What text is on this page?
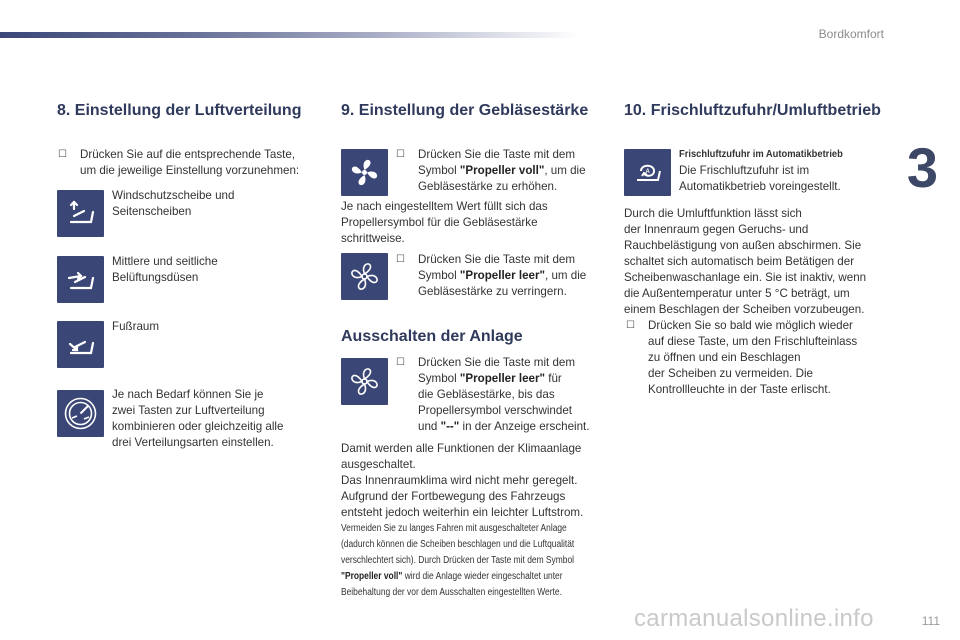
Bordkomfort
3
111
8. Einstellung der Luftverteilung
☐ Drücken Sie auf die entsprechende Taste,
um die jeweilige Einstellung vorzunehmen:
Windschutzscheibe und
Seitenscheiben
Mittlere und seitliche
Belüftungsdüsen
Fußraum
Je nach Bedarf können Sie je
zwei Tasten zur Luftverteilung
kombinieren oder gleichzeitig alle
drei Verteilungsarten einstellen.
9. Einstellung der Gebläsestärke
☐ Drücken Sie die Taste mit dem
Symbol "Propeller voll", um die
Gebläsestärke zu erhöhen.
Je nach eingestelltem Wert füllt sich das
Propellersymbol für die Gebläsestärke
schrittweise.
☐ Drücken Sie die Taste mit dem
Symbol "Propeller leer", um die
Gebläsestärke zu verringern.
Ausschalten der Anlage
☐ Drücken Sie die Taste mit dem
Symbol "Propeller leer" für
die Gebläsestärke, bis das
Propellersymbol verschwindet
und "--" in der Anzeige erscheint.
Damit werden alle Funktionen der Klimaanlage
ausgeschaltet.
Das Innenraumklima wird nicht mehr geregelt.
Aufgrund der Fortbewegung des Fahrzeugs
entsteht jedoch weiterhin ein leichter Luftstrom.
Vermeiden Sie zu langes Fahren mit ausgeschalteter Anlage
(dadurch können die Scheiben beschlagen und die Luftqualität
verschlechtert sich). Durch Drücken der Taste mit dem Symbol
"Propeller voll" wird die Anlage wieder eingeschaltet unter
Beibehaltung der vor dem Ausschalten eingestellten Werte.
10. Frischluftzufuhr/Umluftbetrieb
A
Frischluftzufuhr im Automatikbetrieb
Die Frischluftzufuhr ist im
Automatikbetrieb voreingestellt.
Durch die Umluftfunktion lässt sich
der Innenraum gegen Geruchs- und
Rauchbelästigung von außen abschirmen. Sie
schaltet sich automatisch beim Betätigen der
Scheibenwaschanlage ein. Sie ist inaktiv, wenn
die Außentemperatur unter 5 °C beträgt, um
einem Beschlagen der Scheiben vorzubeugen.
☐ Drücken Sie so bald wie möglich wieder
auf diese Taste, um den Frischlufteinlass
zu öffnen und ein Beschlagen
der Scheiben zu vermeiden. Die
Kontrollleuchte in der Taste erlischt.
carmanualsonline.info
